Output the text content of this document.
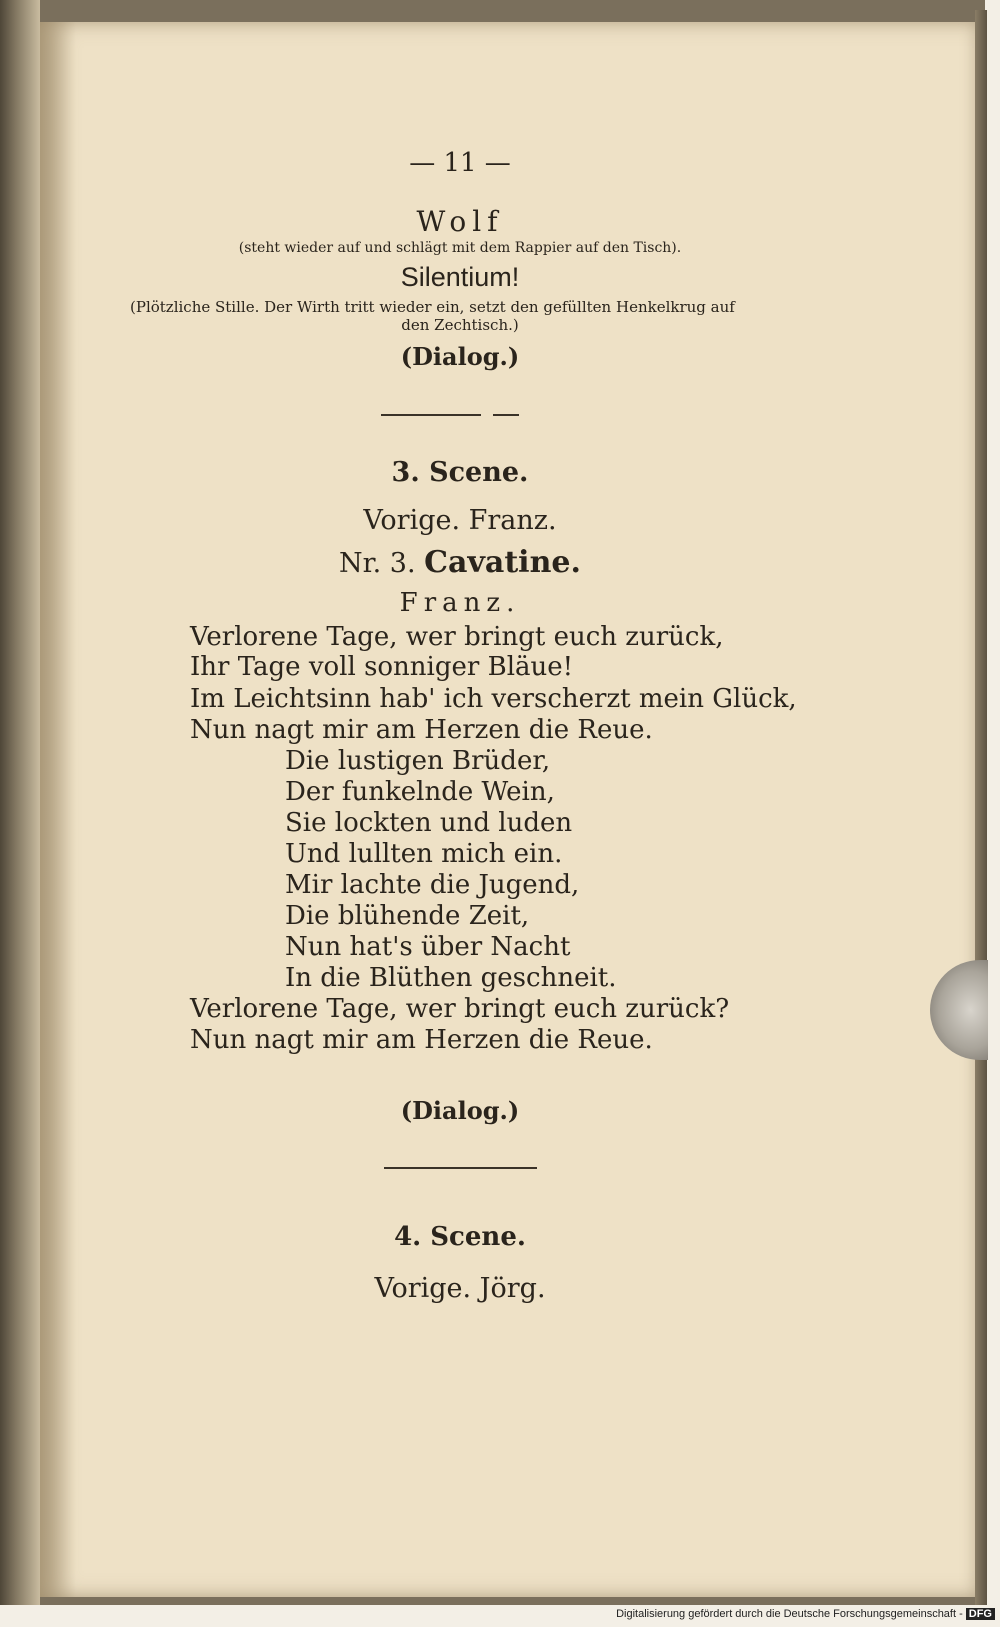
— 11 —
Wolf
(steht wieder auf und schlägt mit dem Rappier auf den Tisch).
Silentium!
(Plötzliche Stille. Der Wirth tritt wieder ein, setzt den gefüllten Henkelkrug auf
den Zechtisch.)
(Dialog.)
3. Scene.
Vorige. Franz.
Nr. 3. Cavatine.
Franz.
Verlorene Tage, wer bringt euch zurück,
Ihr Tage voll sonniger Bläue!
Im Leichtsinn hab' ich verscherzt mein Glück,
Nun nagt mir am Herzen die Reue.
Die lustigen Brüder,
Der funkelnde Wein,
Sie lockten und luden
Und lullten mich ein.
Mir lachte die Jugend,
Die blühende Zeit,
Nun hat's über Nacht
In die Blüthen geschneit.
Verlorene Tage, wer bringt euch zurück?
Nun nagt mir am Herzen die Reue.
(Dialog.)
4. Scene.
Vorige. Jörg.
Digitalisierung gefördert durch die Deutsche Forschungsgemeinschaft - DFG
